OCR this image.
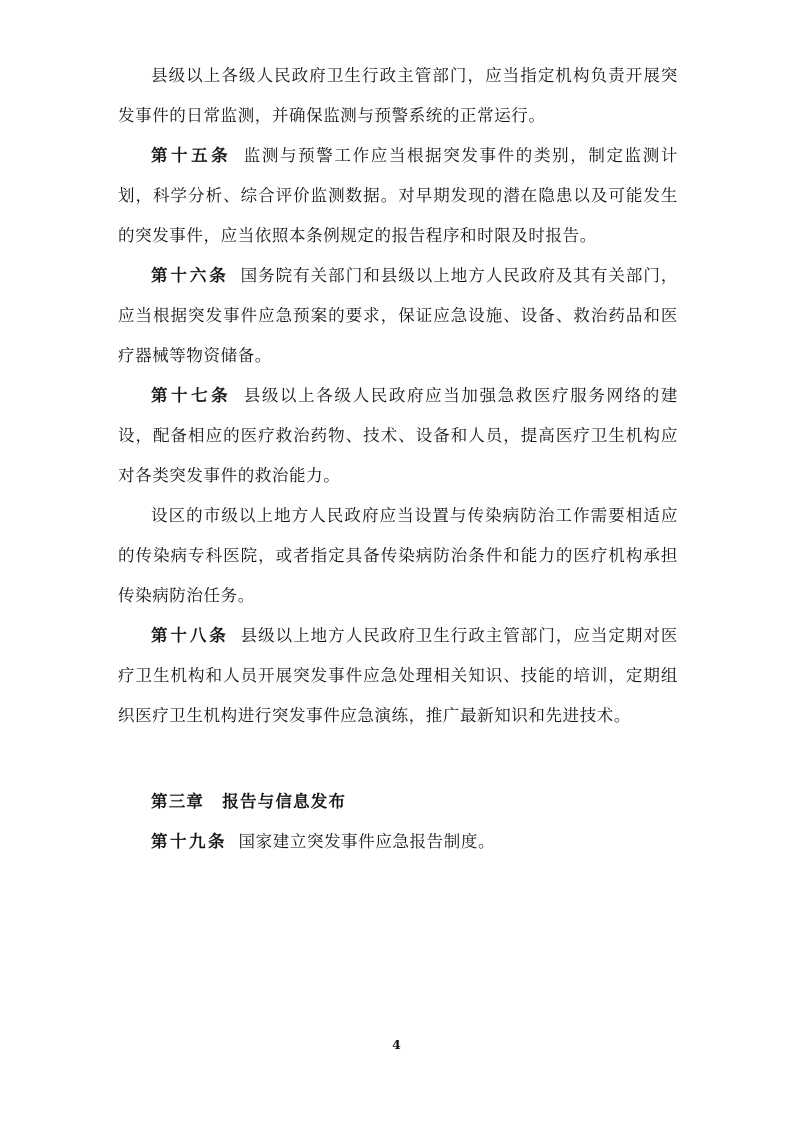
县级以上各级人民政府卫生行政主管部门，应当指定机构负责开展突发事件的日常监测，并确保监测与预警系统的正常运行。

第十五条 监测与预警工作应当根据突发事件的类别，制定监测计划，科学分析、综合评价监测数据。对早期发现的潜在隐患以及可能发生的突发事件，应当依照本条例规定的报告程序和时限及时报告。

第十六条 国务院有关部门和县级以上地方人民政府及其有关部门，应当根据突发事件应急预案的要求，保证应急设施、设备、救治药品和医疗器械等物资储备。

第十七条 县级以上各级人民政府应当加强急救医疗服务网络的建设，配备相应的医疗救治药物、技术、设备和人员，提高医疗卫生机构应对各类突发事件的救治能力。

设区的市级以上地方人民政府应当设置与传染病防治工作需要相适应的传染病专科医院，或者指定具备传染病防治条件和能力的医疗机构承担传染病防治任务。

第十八条 县级以上地方人民政府卫生行政主管部门，应当定期对医疗卫生机构和人员开展突发事件应急处理相关知识、技能的培训，定期组织医疗卫生机构进行突发事件应急演练，推广最新知识和先进技术。

第三章 报告与信息发布

第十九条 国家建立突发事件应急报告制度。

4
